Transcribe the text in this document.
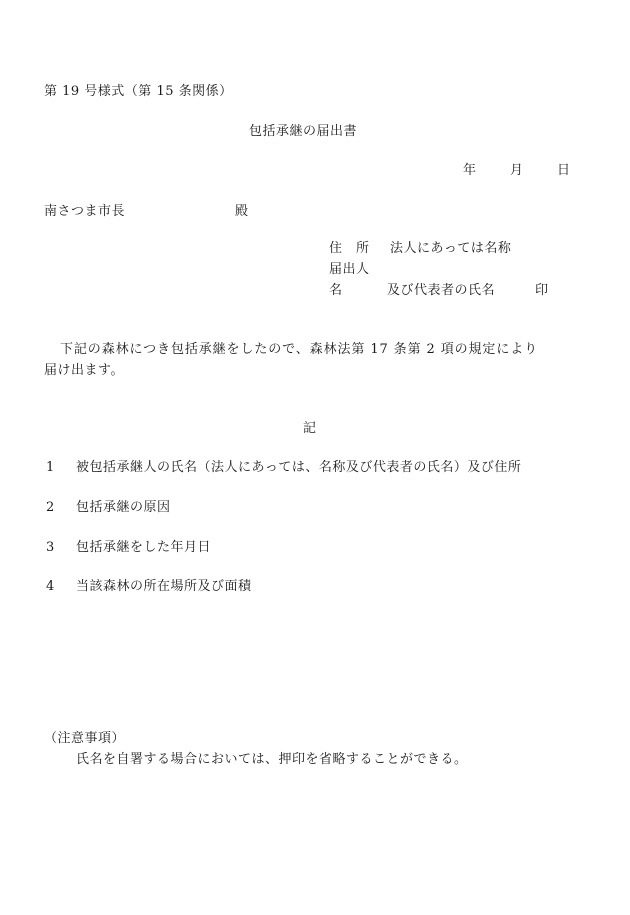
第 19 号様式（第 15 条関係）
包括承継の届出書
年	月	日
南さつま市長	殿
住　所 法人にあっては名称
届出人
名	及び代表者の氏名	印
下記の森林につき包括承継をしたので、森林法第 17 条第 2 項の規定により
届け出ます。
記
1 被包括承継人の氏名（法人にあっては、名称及び代表者の氏名）及び住所
2 包括承継の原因
3 包括承継をした年月日
4 当該森林の所在場所及び面積
（注意事項）
氏名を自署する場合においては、押印を省略することができる。
